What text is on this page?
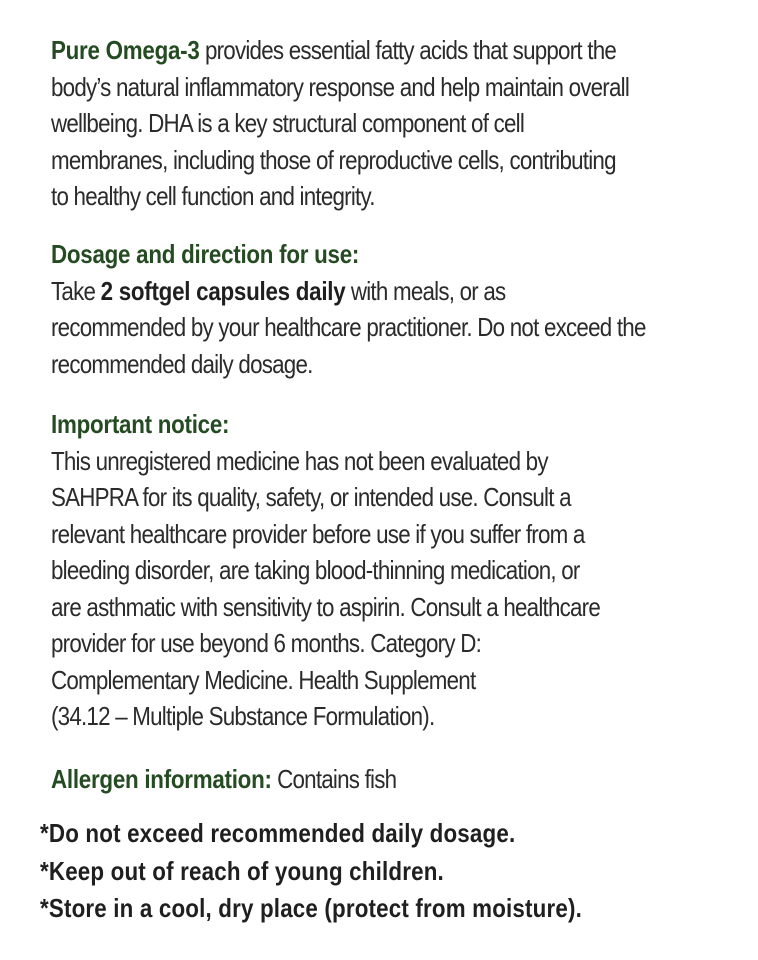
Pure Omega-3 provides essential fatty acids that support the
body’s natural inflammatory response and help maintain overall
wellbeing. DHA is a key structural component of cell
membranes, including those of reproductive cells, contributing
to healthy cell function and integrity.
Dosage and direction for use:
Take 2 softgel capsules daily with meals, or as
recommended by your healthcare practitioner. Do not exceed the
recommended daily dosage.
Important notice:
This unregistered medicine has not been evaluated by
SAHPRA for its quality, safety, or intended use. Consult a
relevant healthcare provider before use if you suffer from a
bleeding disorder, are taking blood-thinning medication, or
are asthmatic with sensitivity to aspirin. Consult a healthcare
provider for use beyond 6 months. Category D:
Complementary Medicine. Health Supplement
(34.12 – Multiple Substance Formulation).
Allergen information: Contains fish
*Do not exceed recommended daily dosage.
*Keep out of reach of young children.
*Store in a cool, dry place (protect from moisture).
